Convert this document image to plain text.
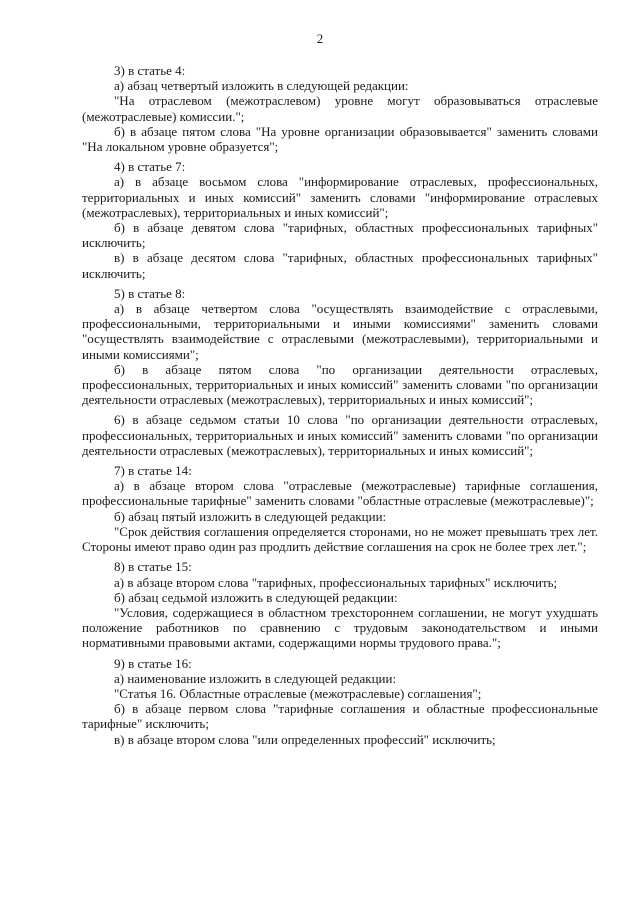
2

3) в статье 4:

а) абзац четвертый изложить в следующей редакции:

"На отраслевом (межотраслевом) уровне могут образовываться отраслевые (межотраслевые) комиссии.";

б) в абзаце пятом слова "На уровне организации образовывается" заменить словами "На локальном уровне образуется";

4) в статье 7:

а) в абзаце восьмом слова "информирование отраслевых, профессиональных, территориальных и иных комиссий" заменить словами "информирование отраслевых (межотраслевых), территориальных и иных комиссий";

б) в абзаце девятом слова "тарифных, областных профессиональных тарифных" исключить;

в) в абзаце десятом слова "тарифных, областных профессиональных тарифных" исключить;

5) в статье 8:

а) в абзаце четвертом слова "осуществлять взаимодействие с отраслевыми, профессиональными, территориальными и иными комиссиями" заменить словами "осуществлять взаимодействие с отраслевыми (межотраслевыми), территориальными и иными комиссиями";

б) в абзаце пятом слова "по организации деятельности отраслевых, профессиональных, территориальных и иных комиссий" заменить словами "по организации деятельности отраслевых (межотраслевых), территориальных и иных комиссий";

6) в абзаце седьмом статьи 10 слова "по организации деятельности отраслевых, профессиональных, территориальных и иных комиссий" заменить словами "по организации деятельности отраслевых (межотраслевых), территориальных и иных комиссий";

7) в статье 14:

а) в абзаце втором слова "отраслевые (межотраслевые) тарифные соглашения, профессиональные тарифные" заменить словами "областные отраслевые (межотраслевые)";

б) абзац пятый изложить в следующей редакции:

"Срок действия соглашения определяется сторонами, но не может превышать трех лет. Стороны имеют право один раз продлить действие соглашения на срок не более трех лет.";

8) в статье 15:

а) в абзаце втором слова "тарифных, профессиональных тарифных" исключить;

б) абзац седьмой изложить в следующей редакции:

"Условия, содержащиеся в областном трехстороннем соглашении, не могут ухудшать положение работников по сравнению с трудовым законодательством и иными нормативными правовыми актами, содержащими нормы трудового права.";

9) в статье 16:

а) наименование изложить в следующей редакции:

"Статья 16. Областные отраслевые (межотраслевые) соглашения";

б) в абзаце первом слова "тарифные соглашения и областные профессиональные тарифные" исключить;

в) в абзаце втором слова "или определенных профессий" исключить;
